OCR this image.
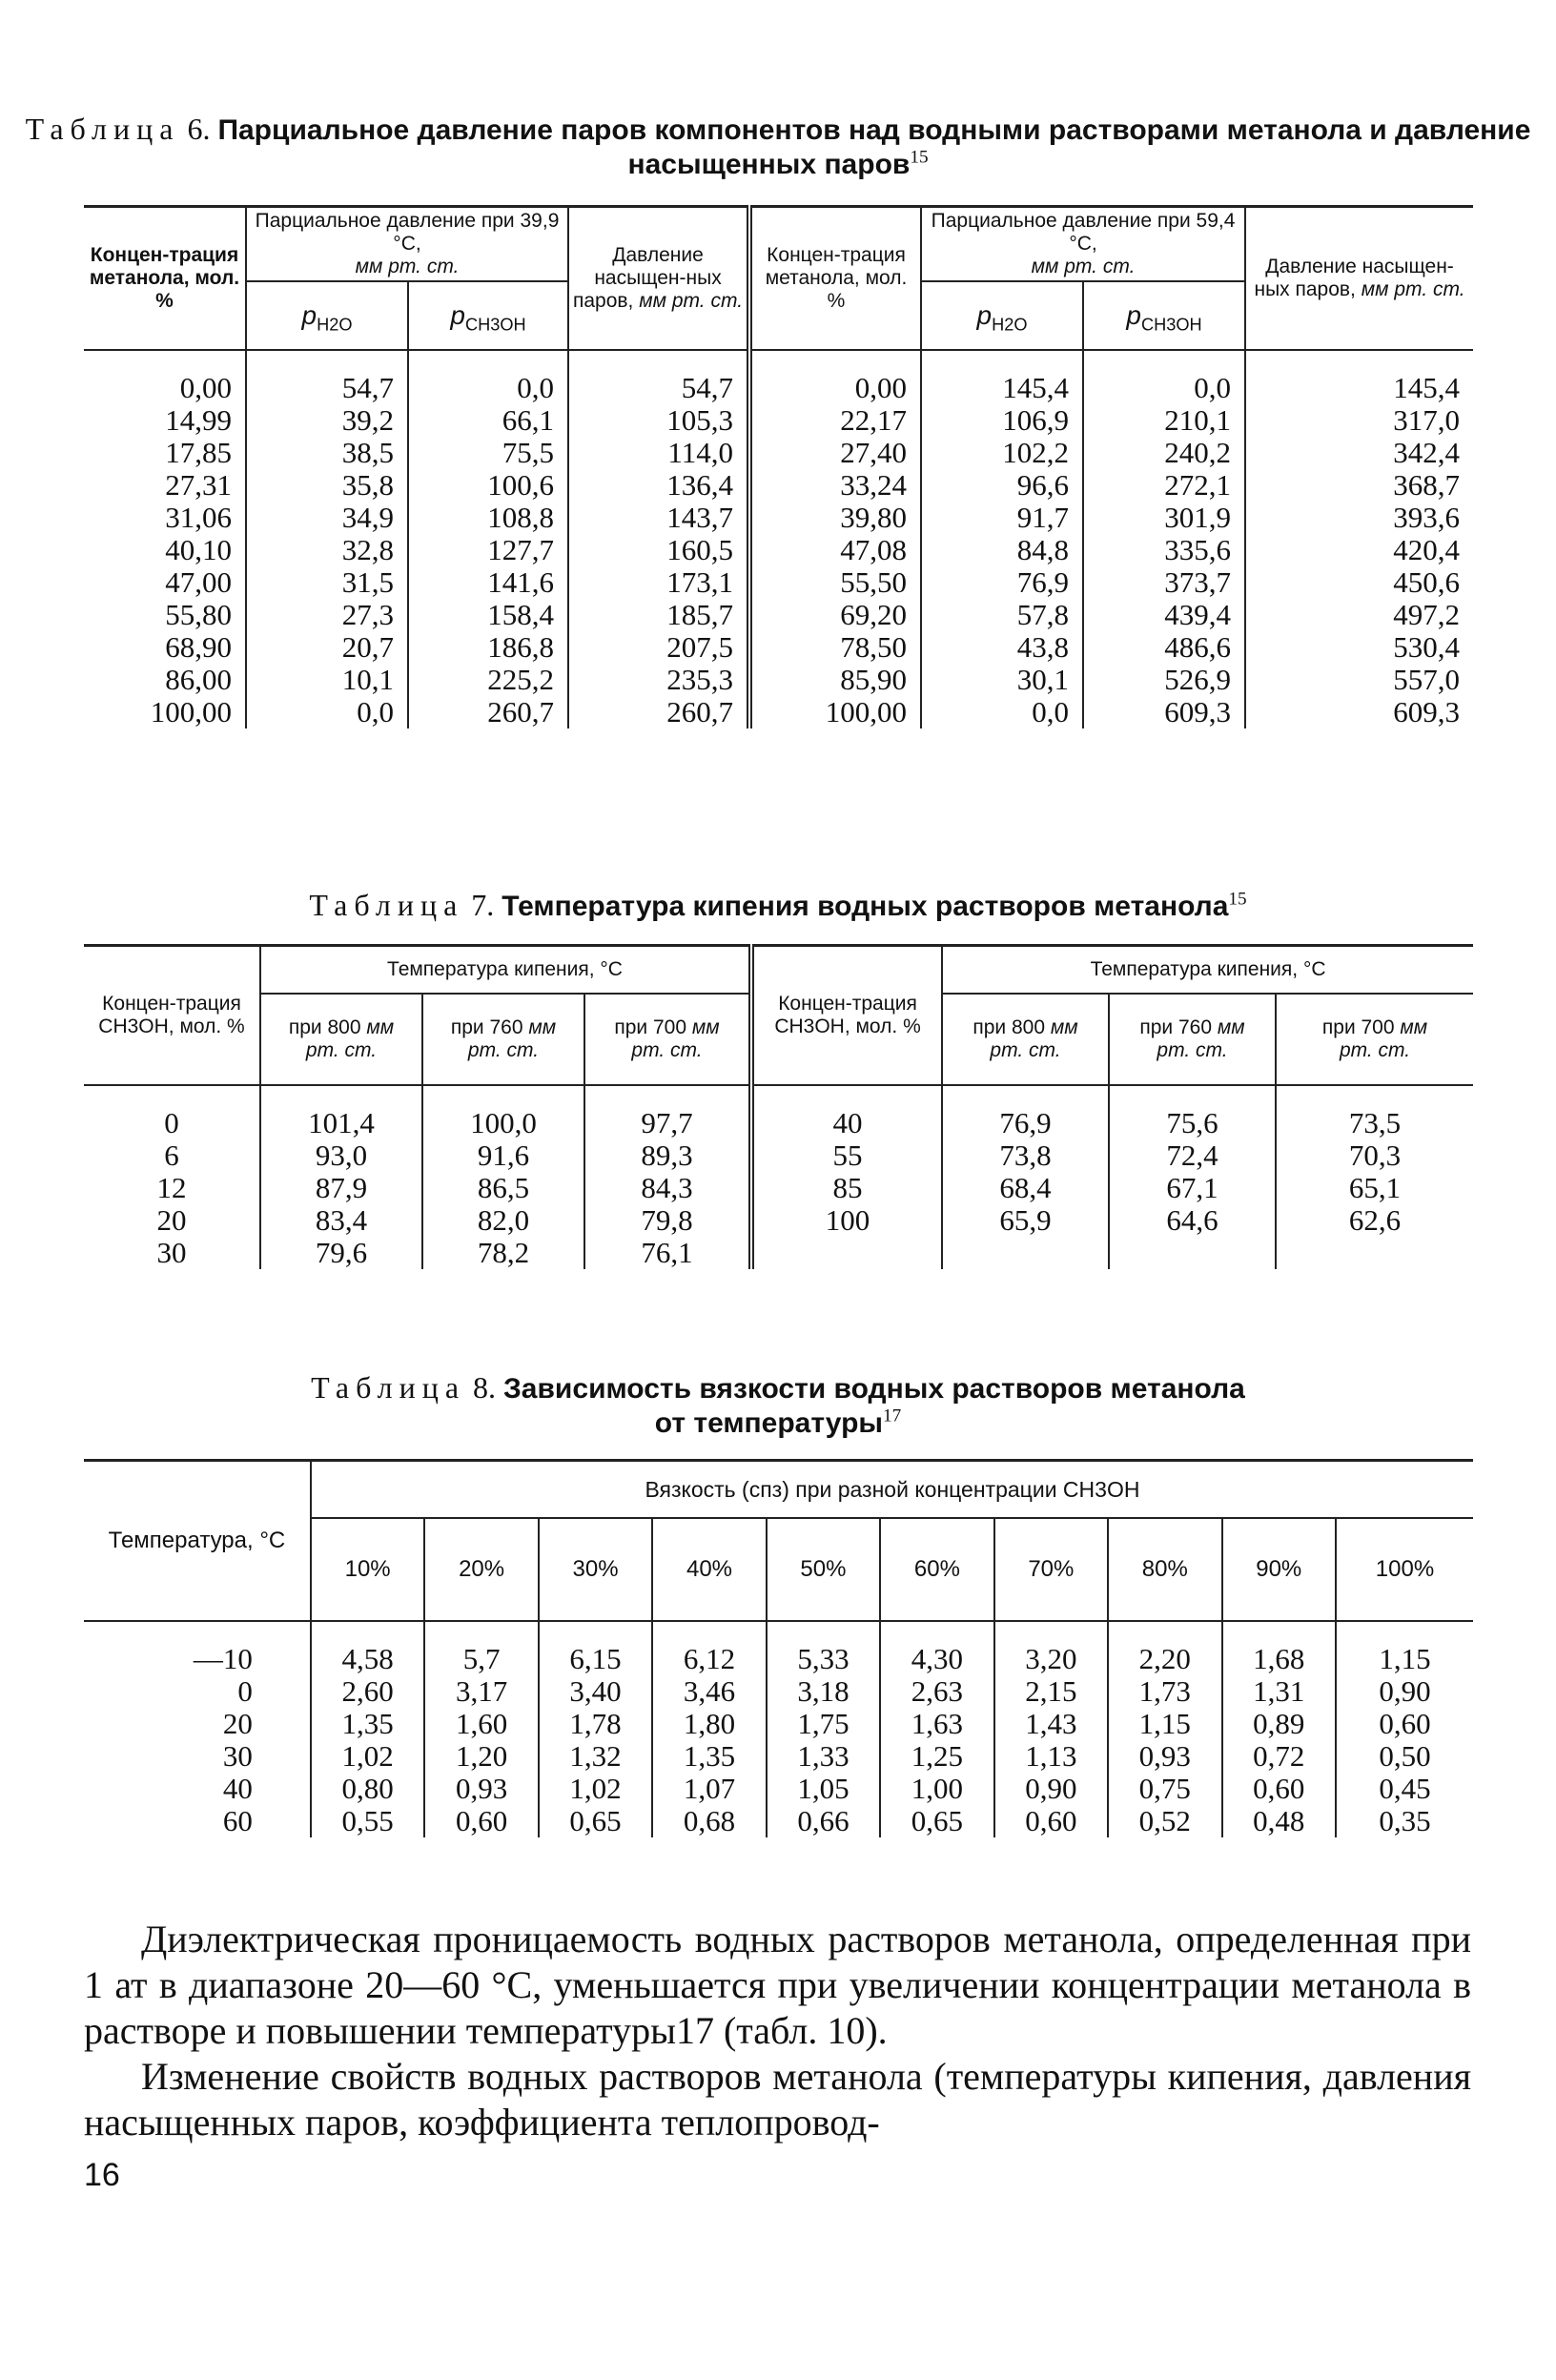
Таблица 6. Парциальное давление паров компонентов над водными растворами метанола и давление насыщенных паров$^{15}$
Концен-трация метанола, мол. %	Парциальное давление при 39,9 °С,
мм рт. ст.		Давление насыщен-ных паров, мм рт. ст.	Концен-трация метанола, мол. %	Парциальное давление при 59,4 °С,
мм рт. ст.		Давление насыщен-ных паров, мм рт. ст.
	$p_{H2O}$	$p_{CH3OH}$			$p_{H2O}$	$p_{CH3OH}$

0,00	54,7	0,0	54,7	0,00	145,4	0,0	145,4
14,99	39,2	66,1	105,3	22,17	106,9	210,1	317,0
17,85	38,5	75,5	114,0	27,40	102,2	240,2	342,4
27,31	35,8	100,6	136,4	33,24	96,6	272,1	368,7
31,06	34,9	108,8	143,7	39,80	91,7	301,9	393,6
40,10	32,8	127,7	160,5	47,08	84,8	335,6	420,4
47,00	31,5	141,6	173,1	55,50	76,9	373,7	450,6
55,80	27,3	158,4	185,7	69,20	57,8	439,4	497,2
68,90	20,7	186,8	207,5	78,50	43,8	486,6	530,4
86,00	10,1	225,2	235,3	85,90	30,1	526,9	557,0
100,00	0,0	260,7	260,7	100,00	0,0	609,3	609,3
Таблица 7. Температура кипения водных растворов метанола$^{15}$
Концен-трация CH3OH, мол. %	Температура кипения, °С			Концен-трация CH3OH, мол. %	Температура кипения, °С		
	при 800 мм
рт. ст.	при 760 мм
рт. ст.	при 700 мм
рт. ст.		при 800 мм
рт. ст.	при 760 мм
рт. ст.	при 700 мм
рт. ст.

0	101,4	100,0	97,7	40	76,9	75,6	73,5
6	93,0	91,6	89,3	55	73,8	72,4	70,3
12	87,9	86,5	84,3	85	68,4	67,1	65,1
20	83,4	82,0	79,8	100	65,9	64,6	62,6
30	79,6	78,2	76,1				
Таблица 8. Зависимость вязкости водных растворов метанола
от температуры$^{17}$
Температура, °С	Вязкость (спз) при разной концентрации CH3OH									
	10%	20%	30%	40%	50%	60%	70%	80%	90%	100%

—10	4,58	5,7	6,15	6,12	5,33	4,30	3,20	2,20	1,68	1,15
0	2,60	3,17	3,40	3,46	3,18	2,63	2,15	1,73	1,31	0,90
20	1,35	1,60	1,78	1,80	1,75	1,63	1,43	1,15	0,89	0,60
30	1,02	1,20	1,32	1,35	1,33	1,25	1,13	0,93	0,72	0,50
40	0,80	0,93	1,02	1,07	1,05	1,00	0,90	0,75	0,60	0,45
60	0,55	0,60	0,65	0,68	0,66	0,65	0,60	0,52	0,48	0,35

Диэлектрическая проницаемость водных растворов метанола, определенная при 1 ат в диапазоне 20—60 °С, уменьшается при увеличении концентрации метанола в растворе и повышении температуры17 (табл. 10).

Изменение свойств водных растворов метанола (температуры кипения, давления насыщенных паров, коэффициента теплопровод-

16
